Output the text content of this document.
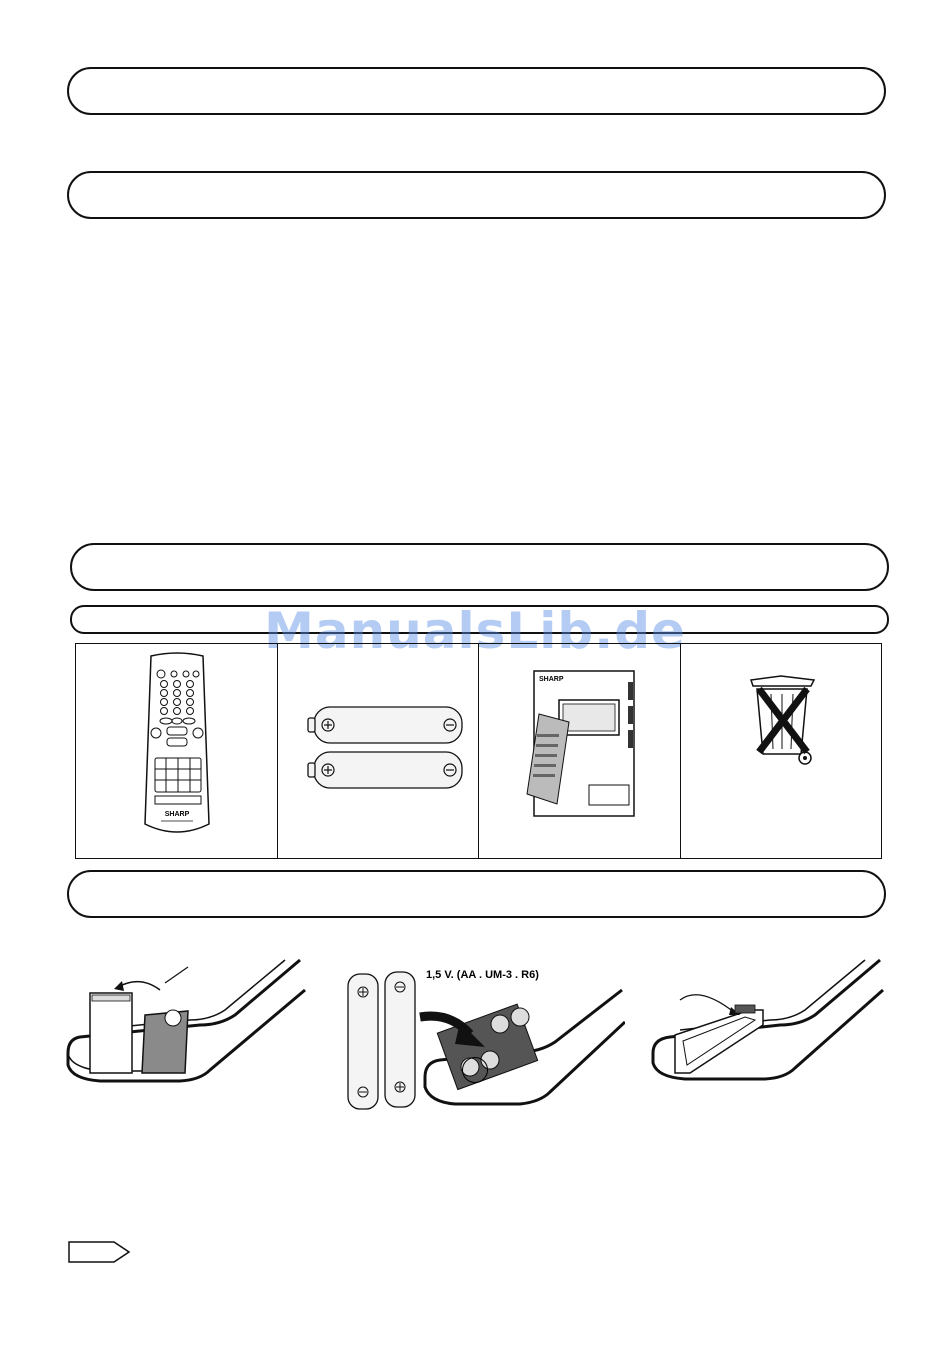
ManualsLib.de
SHARP
SHARP
1,5 V. (AA . UM-3 . R6)
